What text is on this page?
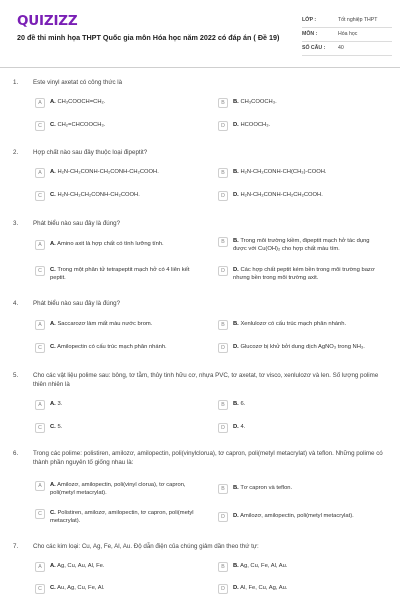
QUIZIZZ
20 đề thi minh họa THPT Quốc gia môn Hóa học năm 2022 có đáp án ( Đề 19)
LỚP :	Tốt nghiệp THPT
MÔN :	Hóa học
SỐ CÂU : 40
1. Este vinyl axetat có công thức là
A	A. CH₃COOCH=CH₂.	B	B. CH₃COOCH₃.
C	C. CH₂=CHCOOCH₃.	D	D. HCOOCH₃.
2. Hợp chất nào sau đây thuộc loại đipeptit?
A	A. H₂N-CH₂CONH-CH₂CONH-CH₂COOH.	B	B. H₂N-CH₂CONH-CH(CH₃)-COOH.
C	C. H₂N-CH₂CH₂CONH-CH₂COOH.	D	D. H₂N-CH₂CONH-CH₂CH₂COOH.
3. Phát biểu nào sau đây là đúng?
A	A. Amino axit là hợp chất có tính lưỡng tính.	B	B. Trong môi trường kiềm, đipeptit mạch hở tác dụng được với Cu(OH)₂ cho hợp chất màu tím.
C	C. Trong một phân tử tetrapeptit mạch hở có 4 liên kết peptit.
D	D. Các hợp chất peptit kém bền trong môi trường bazơ nhưng bền trong môi trường axit.
4. Phát biểu nào sau đây là đúng?
A	A. Saccarozơ làm mất màu nước brom.	B	B. Xenlulozơ có cấu trúc mạch phân nhánh.
C	C. Amilopectin có cấu trúc mạch phân nhánh.	D	D. Glucozơ bị khử bởi dung dịch AgNO₃ trong NH₃.
5. Cho các vật liệu polime sau: bông, tơ tằm, thủy tinh hữu cơ, nhựa PVC, tơ axetat, tơ visco, xenlulozơ và len. Số lượng polime thiên nhiên là
A	A. 3.	B	B. 6.
C	C. 5.	D	D. 4.
6. Trong các polime: polistiren, amilozơ, amilopectin, poli(vinylclorua), tơ capron, poli(metyl metacrylat) và teflon. Những polime có thành phần nguyên tố giống nhau là:
A	A. Amilozơ, amilopectin, poli(vinyl clorua), tơ capron, poli(metyl metacrylat).
B	B. Tơ capron và teflon.
C	C. Polistiren, amilozơ, amilopectin, tơ capron, poli(metyl metacrylat).
D	D. Amilozơ, amilopectin, poli(metyl metacrylat).
7. Cho các kim loại: Cu, Ag, Fe, Al, Au. Độ dẫn điện của chúng giảm dần theo thứ tự:
A	A. Ag, Cu, Au, Al, Fe.	B	B. Ag, Cu, Fe, Al, Au.
C	C. Au, Ag, Cu, Fe, Al.	D	D. Al, Fe, Cu, Ag, Au.
